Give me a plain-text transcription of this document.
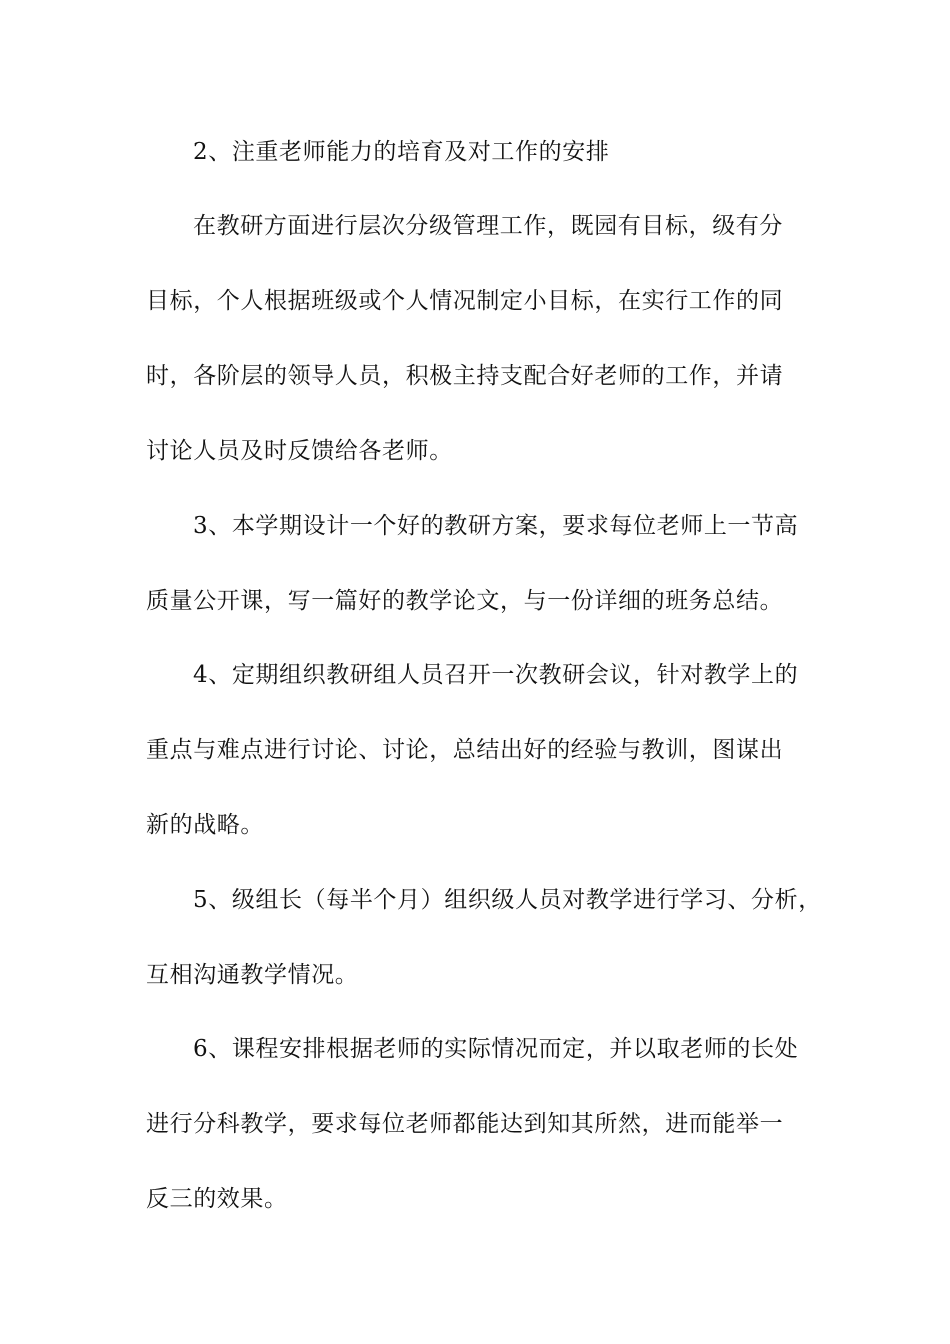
2、注重老师能力的培育及对工作的安排
在教研方面进行层次分级管理工作，既园有目标，级有分
目标，个人根据班级或个人情况制定小目标，在实行工作的同
时，各阶层的领导人员，积极主持支配合好老师的工作，并请
讨论人员及时反馈给各老师。
3、本学期设计一个好的教研方案，要求每位老师上一节高
质量公开课，写一篇好的教学论文，与一份详细的班务总结。
4、定期组织教研组人员召开一次教研会议，针对教学上的
重点与难点进行讨论、讨论，总结出好的经验与教训，图谋出
新的战略。
5、级组长（每半个月）组织级人员对教学进行学习、分析，
互相沟通教学情况。
6、课程安排根据老师的实际情况而定，并以取老师的长处
进行分科教学，要求每位老师都能达到知其所然，进而能举一
反三的效果。
